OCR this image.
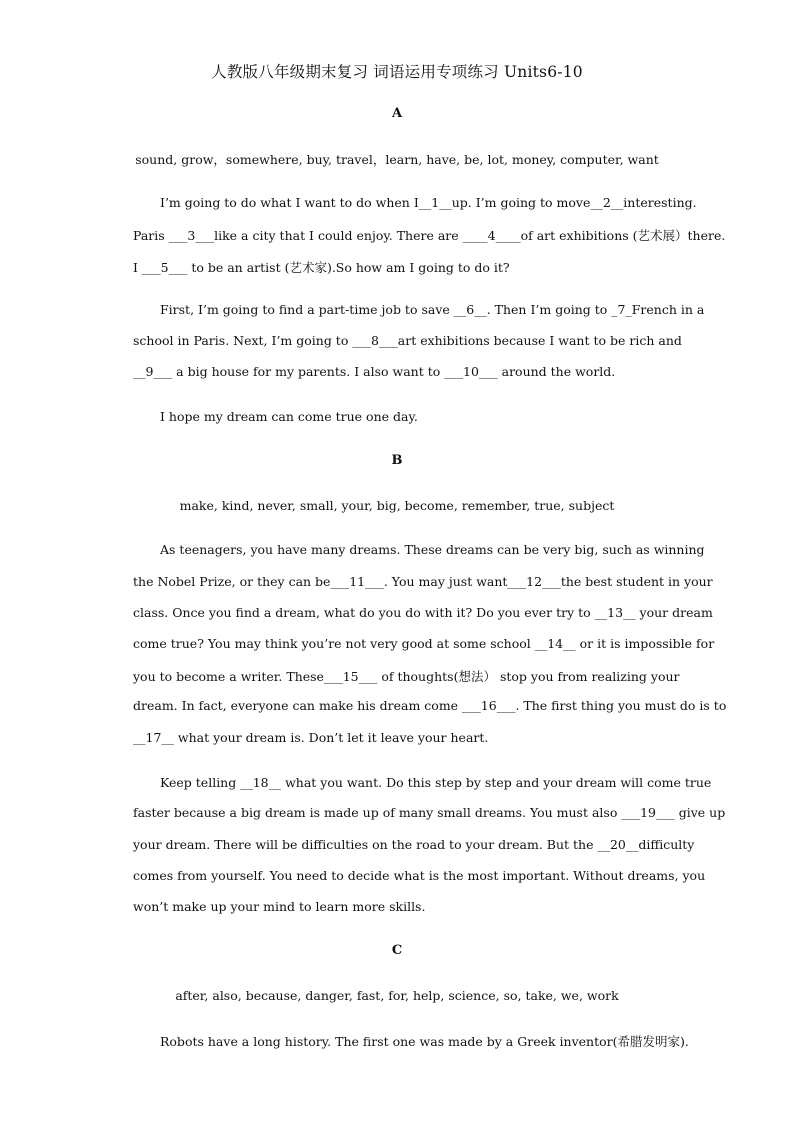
人教版八年级期末复习 词语运用专项练习 Units6-10
A
sound, grow，somewhere, buy, travel，learn, have, be, lot, money, computer, want
I’m going to do what I want to do when I__1__up. I’m going to move__2__interesting.
Paris ___3___like a city that I could enjoy. There are ____4____of art exhibitions (艺术展）there.
I ___5___ to be an artist (艺术家).So how am I going to do it?
First, I’m going to find a part-time job to save __6__. Then I’m going to _7_French in a
school in Paris. Next, I’m going to ___8___art exhibitions because I want to be rich and
__9___ a big house for my parents. I also want to ___10___ around the world.
I hope my dream can come true one day.
B
make, kind, never, small, your, big, become, remember, true, subject
As teenagers, you have many dreams. These dreams can be very big, such as winning
the Nobel Prize, or they can be___11___. You may just want___12___the best student in your
class. Once you find a dream, what do you do with it? Do you ever try to __13__ your dream
come true? You may think you’re not very good at some school __14__ or it is impossible for
you to become a writer. These___15___ of thoughts(想法） stop you from realizing your
dream. In fact, everyone can make his dream come ___16___. The first thing you must do is to
__17__ what your dream is. Don’t let it leave your heart.
Keep telling __18__ what you want. Do this step by step and your dream will come true
faster because a big dream is made up of many small dreams. You must also ___19___ give up
your dream. There will be difficulties on the road to your dream. But the __20__difficulty
comes from yourself. You need to decide what is the most important. Without dreams, you
won’t make up your mind to learn more skills.
C
after, also, because, danger, fast, for, help, science, so, take, we, work
Robots have a long history. The first one was made by a Greek inventor(希腊发明家).
